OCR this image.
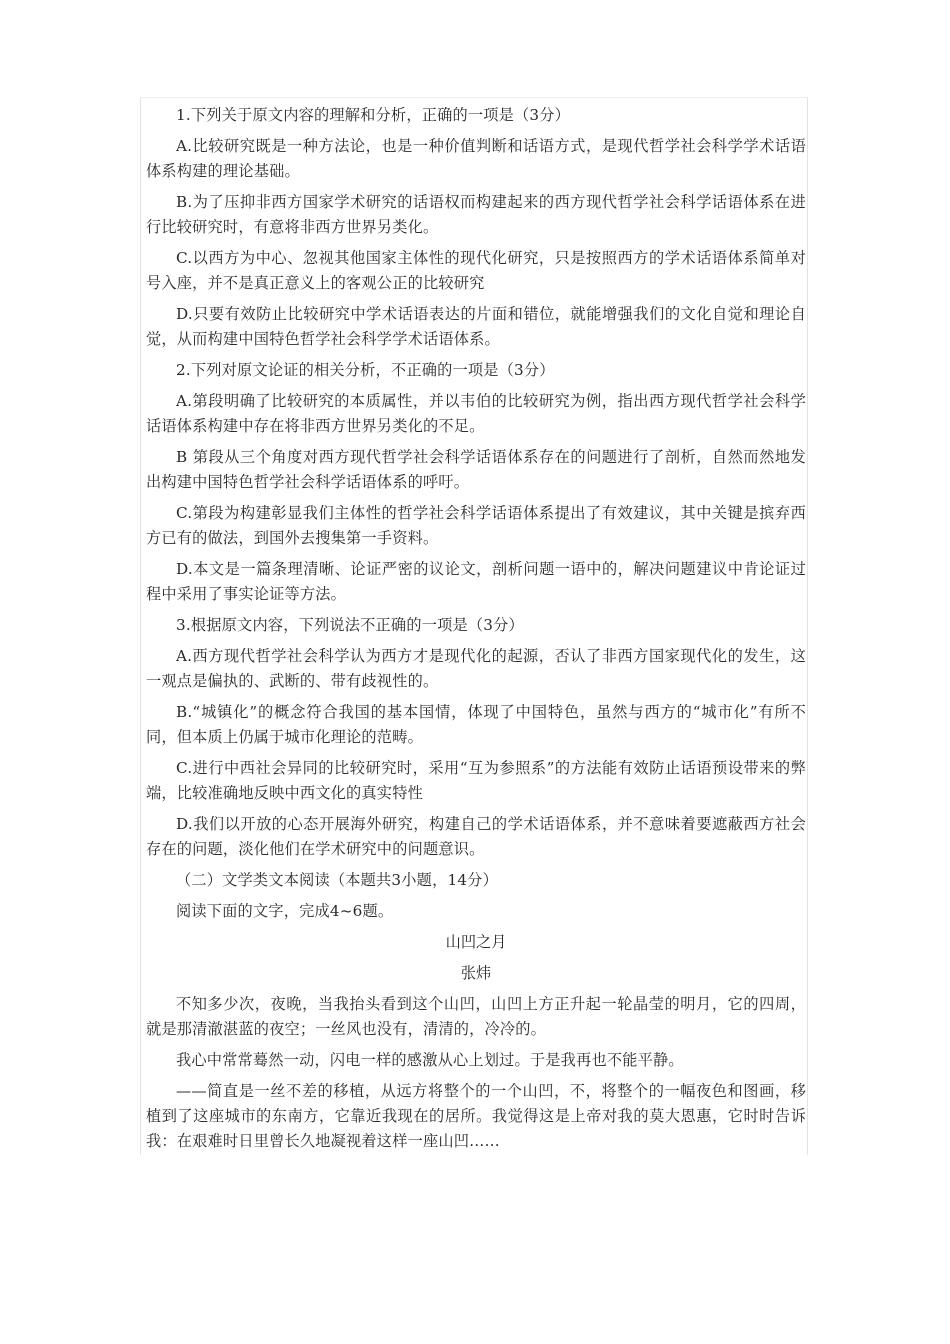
1.下列关于原文内容的理解和分析，正确的一项是（3分）

A.比较研究既是一种方法论，也是一种价值判断和话语方式，是现代哲学社会科学学术话语体系构建的理论基础。

B.为了压抑非西方国家学术研究的话语权而构建起来的西方现代哲学社会科学话语体系在进行比较研究时，有意将非西方世界另类化。

C.以西方为中心、忽视其他国家主体性的现代化研究，只是按照西方的学术话语体系简单对号入座，并不是真正意义上的客观公正的比较研究

D.只要有效防止比较研究中学术话语表达的片面和错位，就能增强我们的文化自觉和理论自觉，从而构建中国特色哲学社会科学学术话语体系。

2.下列对原文论证的相关分析，不正确的一项是（3分）

A.第段明确了比较研究的本质属性，并以韦伯的比较研究为例，指出西方现代哲学社会科学话语体系构建中存在将非西方世界另类化的不足。

B 第段从三个角度对西方现代哲学社会科学话语体系存在的问题进行了剖析，自然而然地发出构建中国特色哲学社会科学话语体系的呼吁。

C.第段为构建彰显我们主体性的哲学社会科学话语体系提出了有效建议，其中关键是摈弃西方已有的做法，到国外去搜集第一手资料。

D.本文是一篇条理清晰、论证严密的议论文，剖析问题一语中的，解决问题建议中肯论证过程中采用了事实论证等方法。

3.根据原文内容，下列说法不正确的一项是（3分）

A.西方现代哲学社会科学认为西方才是现代化的起源，否认了非西方国家现代化的发生，这一观点是偏执的、武断的、带有歧视性的。

B.“城镇化”的概念符合我国的基本国情，体现了中国特色，虽然与西方的“城市化”有所不同，但本质上仍属于城市化理论的范畴。

C.进行中西社会异同的比较研究时，采用“互为参照系”的方法能有效防止话语预设带来的弊端，比较准确地反映中西文化的真实特性

D.我们以开放的心态开展海外研究，构建自己的学术话语体系，并不意味着要遮蔽西方社会存在的问题，淡化他们在学术研究中的问题意识。

（二）文学类文本阅读（本题共3小题，14分）

阅读下面的文字，完成4~6题。

山凹之月
张炜

不知多少次，夜晚，当我抬头看到这个山凹，山凹上方正升起一轮晶莹的明月，它的四周，就是那清澈湛蓝的夜空；一丝风也没有，清清的，冷冷的。

我心中常常蓦然一动，闪电一样的感激从心上划过。于是我再也不能平静。

——简直是一丝不差的移植，从远方将整个的一个山凹，不，将整个的一幅夜色和图画，移植到了这座城市的东南方，它靠近我现在的居所。我觉得这是上帝对我的莫大恩惠，它时时告诉我：在艰难时日里曾长久地凝视着这样一座山凹……
